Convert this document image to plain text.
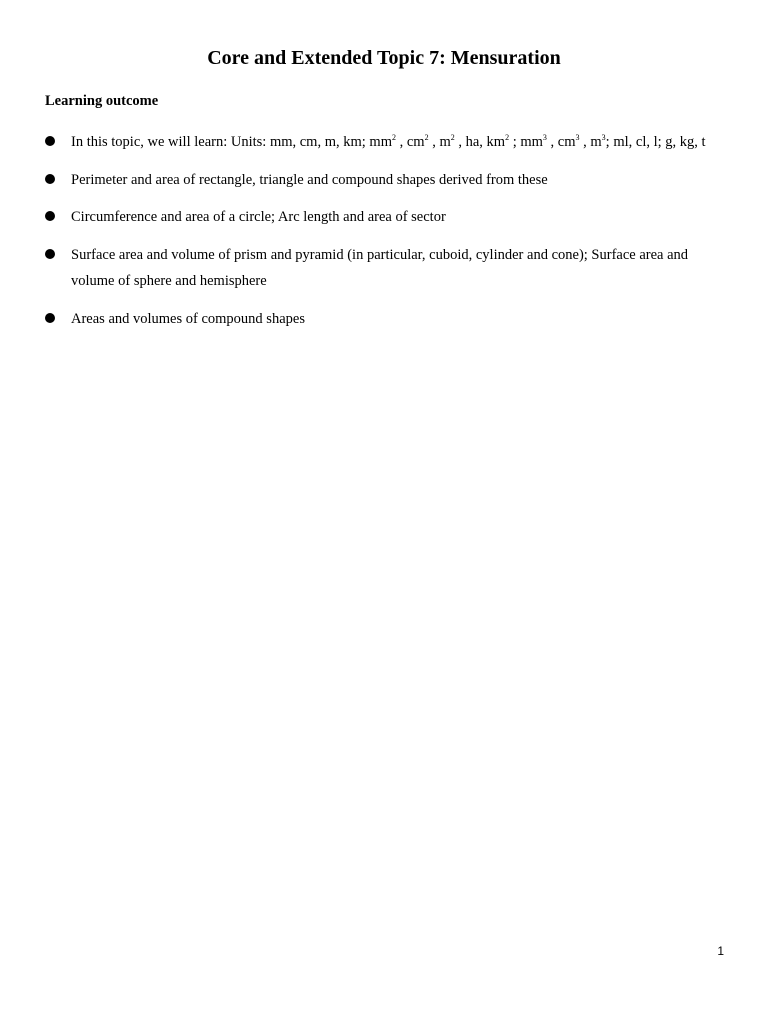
Core and Extended Topic 7: Mensuration
Learning outcome
In this topic, we will learn: Units: mm, cm, m, km; $mm^2$ , $cm^2$ , $m^2$ , ha, $km^2$ ; $mm^3$ , $cm^3$ , $m^3$; ml, cl, l; g, kg, t
Perimeter and area of rectangle, triangle and compound shapes derived from these
Circumference and area of a circle; Arc length and area of sector
Surface area and volume of prism and pyramid (in particular, cuboid, cylinder and cone); Surface area and volume of sphere and hemisphere
Areas and volumes of compound shapes
1
